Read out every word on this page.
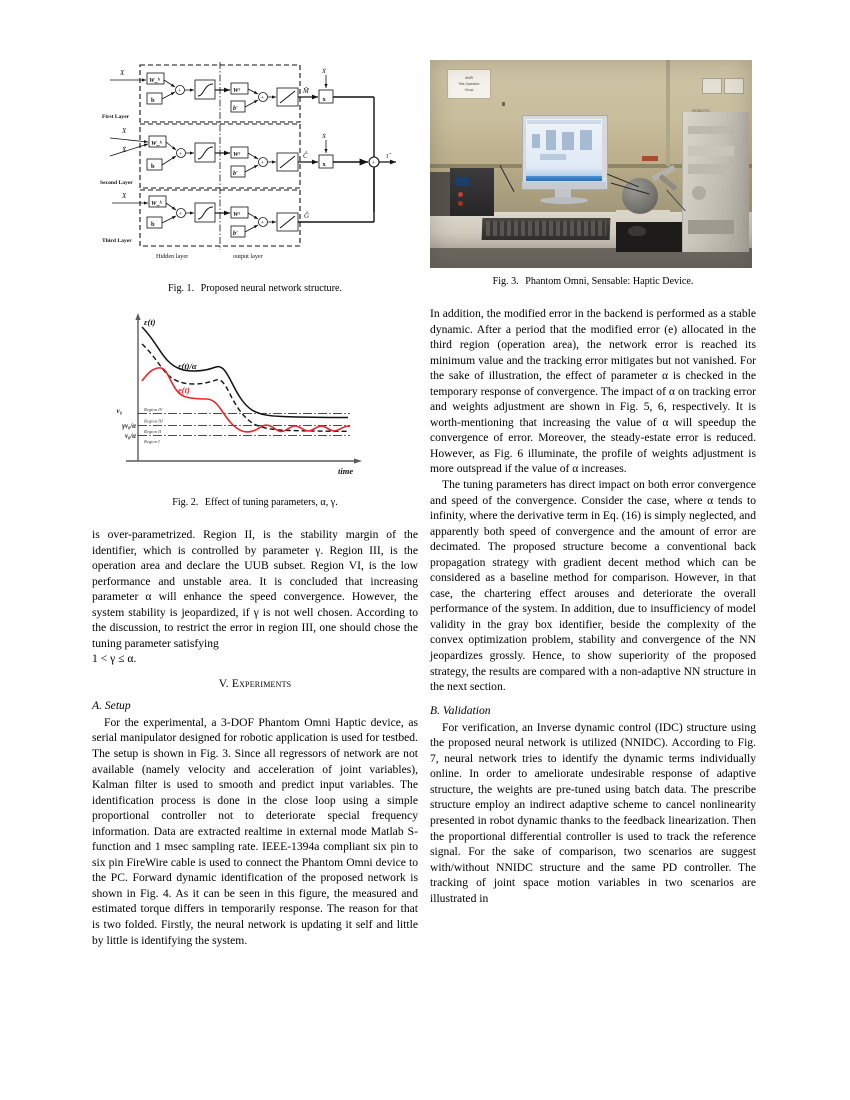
X
X
Ẋ
X
W‗ʰ
b
Wᵌ
b′
W‗ʰ
b
Wᵌ
b′
W‗ʰ
b
Wᵌ
b′
+
+
+
+
+
+
+
x
x
Ẍ
Ẋ
M̂
Ĉ
Ĝ
τ̂
First Layer
Second Layer
Third Layer
Hidden layer	output layer

Fig. 1. Proposed neural network structure.

ε(t)
ε(t)/α
e(t)
v₀
γv₀/α
v₀/α
Region IV
Region III
Region II
Region I
time

Fig. 2. Effect of tuning parameters, α, γ.

is over-parametrized. Region II, is the stability margin of the identifier, which is controlled by parameter γ. Region III, is the operation area and declare the UUB subset. Region VI, is the low performance and unstable area. It is concluded that increasing parameter α will enhance the speed convergence. However, the system stability is jeopardized, if γ is not well chosen. According to the discussion, to restrict the error in region III, one should chose the tuning parameter satisfying

1 < γ ≤ α.

V. Experiments

A. Setup

For the experimental, a 3-DOF Phantom Omni Haptic device, as serial manipulator designed for robotic application is used for testbed. The setup is shown in Fig. 3. Since all regressors of network are not available (namely velocity and acceleration of joint variables), Kalman filter is used to smooth and predict input variables. The identification process is done in the close loop using a simple proportional controller not to deteriorate special frequency information. Data are extracted realtime in external mode Matlab S-function and 1 msec sampling rate. IEEE-1394a compliant six pin to six pin FireWire cable is used to connect the Phantom Omni device to the PC. Forward dynamic identification of the proposed network is shown in Fig. 4. As it can be seen in this figure, the measured and estimated torque differs in temporarily response. The reason for that is two folded. Firstly, the neural network is updating it self and little by little is identifying the system.

AMIR
Tele-Operation
Group
ROBOTIC

Fig. 3. Phantom Omni, Sensable: Haptic Device.

In addition, the modified error in the backend is performed as a stable dynamic. After a period that the modified error (e) allocated in the third region (operation area), the network error is reached its minimum value and the tracking error mitigates but not vanished. For the sake of illustration, the effect of parameter α is checked in the temporary response of convergence. The impact of α on tracking error and weights adjustment are shown in Fig. 5, 6, respectively. It is worth-mentioning that increasing the value of α will speedup the convergence of error. Moreover, the steady-estate error is reduced. However, as Fig. 6 illuminate, the profile of weights adjustment is more outspread if the value of α increases.

The tuning parameters has direct impact on both error convergence and speed of the convergence. Consider the case, where α tends to infinity, where the derivative term in Eq. (16) is simply neglected, and apparently both speed of convergence and the amount of error are decimated. The proposed structure become a conventional back propagation strategy with gradient decent method which can be considered as a baseline method for comparison. However, in that case, the chartering effect arouses and deteriorate the overall performance of the system. In addition, due to insufficiency of model validity in the gray box identifier, beside the complexity of the convex optimization problem, stability and convergence of the NN jeopardizes grossly. Hence, to show superiority of the proposed strategy, the results are compared with a non-adaptive NN structure in the next section.

B. Validation

For verification, an Inverse dynamic control (IDC) structure using the proposed neural network is utilized (NNIDC). According to Fig. 7, neural network tries to identify the dynamic terms individually online. In order to ameliorate undesirable response of adaptive structure, the weights are pre-tuned using batch data. The prescribe structure employ an indirect adaptive scheme to cancel nonlinearity presented in robot dynamic thanks to the feedback linearization. Then the proportional differential controller is used to track the reference signal. For the sake of comparison, two scenarios are suggest with/without NNIDC structure and the same PD controller. The tracking of joint space motion variables in two scenarios are illustrated in
